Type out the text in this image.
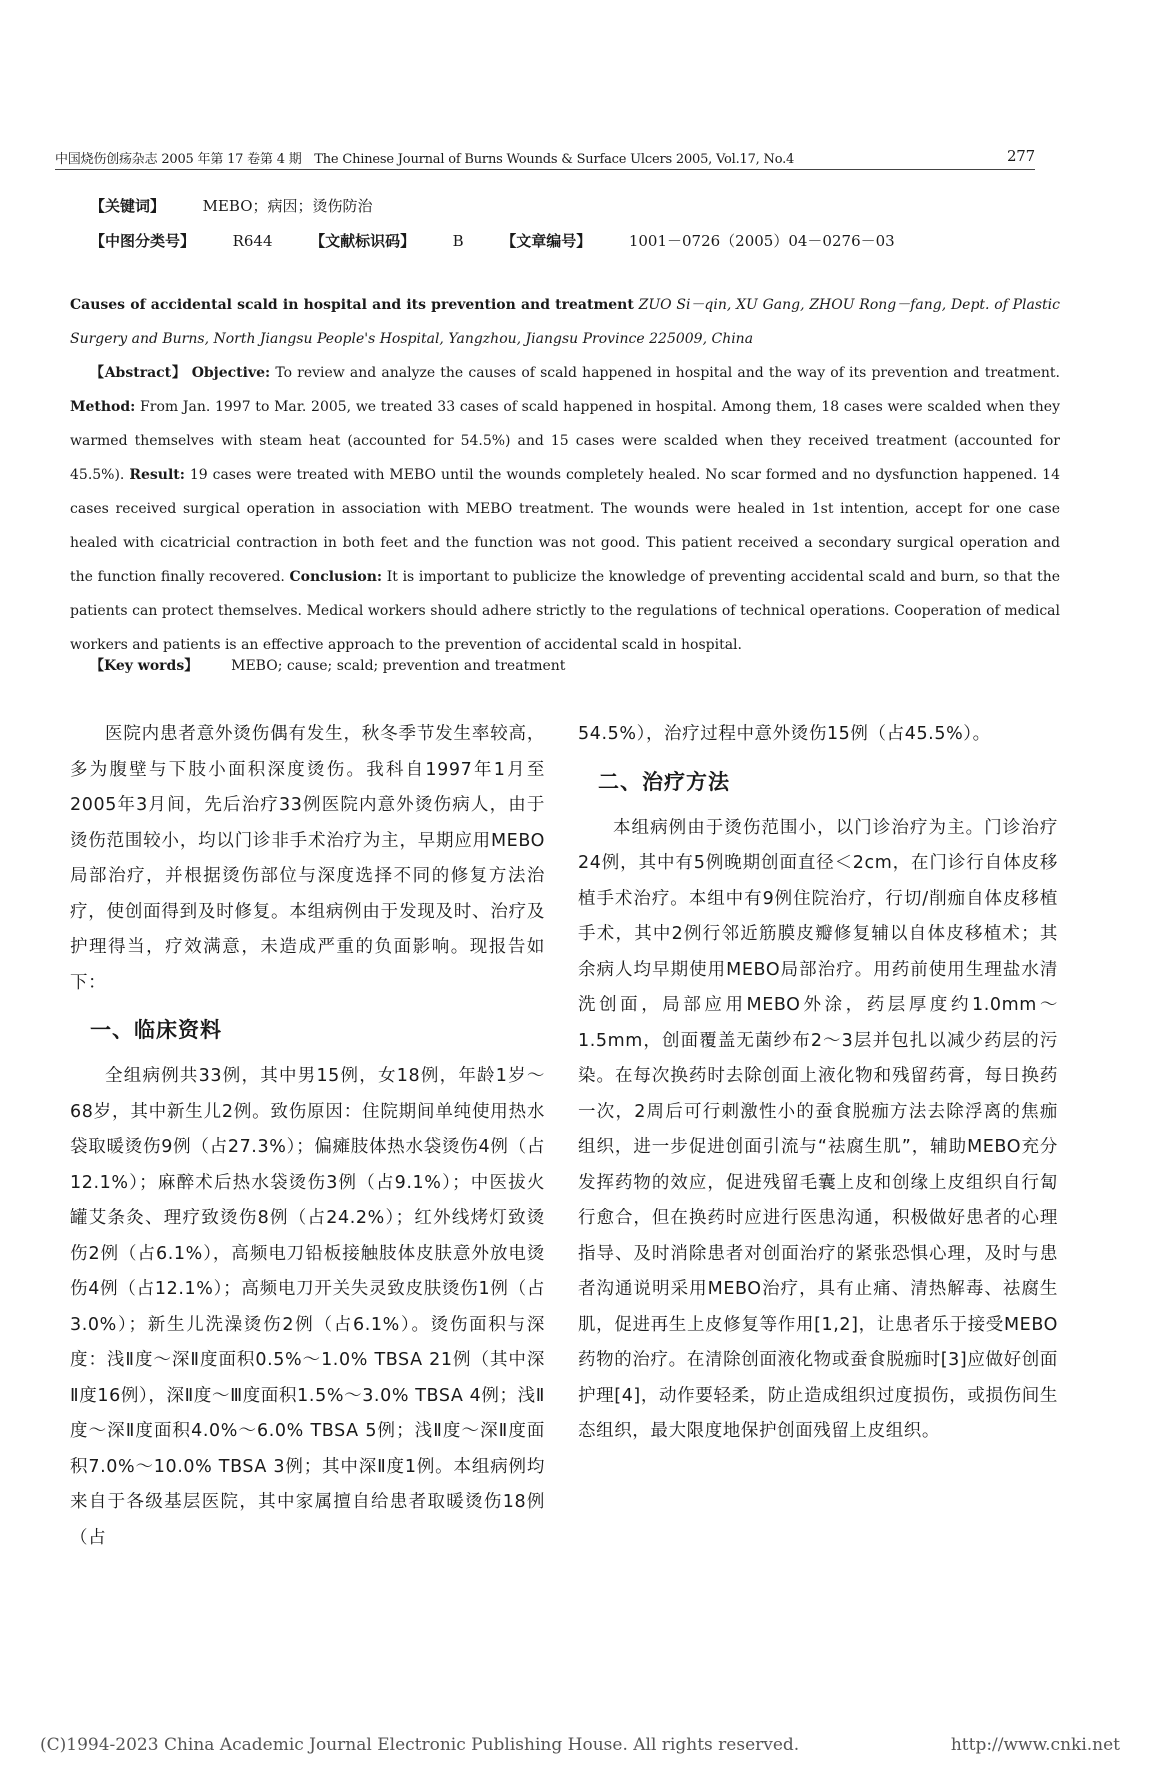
中国烧伤创疡杂志 2005 年第 17 卷第 4 期　The Chinese Journal of Burns Wounds & Surface Ulcers 2005, Vol.17, No.4	277
【关键词】	MEBO；病因；烫伤防治
【中图分类号】	R644	【文献标识码】	B	【文章编号】	1001－0726（2005）04－0276－03
Causes of accidental scald in hospital and its prevention and treatment ZUO Si－qin, XU Gang, ZHOU Rong－fang, Dept. of Plastic Surgery and Burns, North Jiangsu People's Hospital, Yangzhou, Jiangsu Province 225009, China
【Abstract】 Objective: To review and analyze the causes of scald happened in hospital and the way of its prevention and treatment. Method: From Jan. 1997 to Mar. 2005, we treated 33 cases of scald happened in hospital. Among them, 18 cases were scalded when they warmed themselves with steam heat (accounted for 54.5%) and 15 cases were scalded when they received treatment (accounted for 45.5%). Result: 19 cases were treated with MEBO until the wounds completely healed. No scar formed and no dysfunction happened. 14 cases received surgical operation in association with MEBO treatment. The wounds were healed in 1st intention, accept for one case healed with cicatricial contraction in both feet and the function was not good. This patient received a secondary surgical operation and the function finally recovered. Conclusion: It is important to publicize the knowledge of preventing accidental scald and burn, so that the patients can protect themselves. Medical workers should adhere strictly to the regulations of technical operations. Cooperation of medical workers and patients is an effective approach to the prevention of accidental scald in hospital.
【Key words】 MEBO; cause; scald; prevention and treatment

医院内患者意外烫伤偶有发生，秋冬季节发生率较高，多为腹壁与下肢小面积深度烫伤。我科自1997年1月至2005年3月间，先后治疗33例医院内意外烫伤病人，由于烫伤范围较小，均以门诊非手术治疗为主，早期应用MEBO局部治疗，并根据烫伤部位与深度选择不同的修复方法治疗，使创面得到及时修复。本组病例由于发现及时、治疗及护理得当，疗效满意，未造成严重的负面影响。现报告如下：

一、临床资料

全组病例共33例，其中男15例，女18例，年龄1岁～68岁，其中新生儿2例。致伤原因：住院期间单纯使用热水袋取暖烫伤9例（占27.3%）；偏瘫肢体热水袋烫伤4例（占12.1%）；麻醉术后热水袋烫伤3例（占9.1%）；中医拔火罐艾条灸、理疗致烫伤8例（占24.2%）；红外线烤灯致烫伤2例（占6.1%），高频电刀铅板接触肢体皮肤意外放电烫伤4例（占12.1%）；高频电刀开关失灵致皮肤烫伤1例（占3.0%）；新生儿洗澡烫伤2例（占6.1%）。烫伤面积与深度：浅Ⅱ度～深Ⅱ度面积0.5%～1.0% TBSA 21例（其中深Ⅱ度16例），深Ⅱ度～Ⅲ度面积1.5%～3.0% TBSA 4例；浅Ⅱ度～深Ⅱ度面积4.0%～6.0% TBSA 5例；浅Ⅱ度～深Ⅱ度面积7.0%～10.0% TBSA 3例；其中深Ⅱ度1例。本组病例均来自于各级基层医院，其中家属擅自给患者取暖烫伤18例（占

54.5%），治疗过程中意外烫伤15例（占45.5%）。

二、治疗方法

本组病例由于烫伤范围小，以门诊治疗为主。门诊治疗24例，其中有5例晚期创面直径＜2cm，在门诊行自体皮移植手术治疗。本组中有9例住院治疗，行切/削痂自体皮移植手术，其中2例行邻近筋膜皮瓣修复辅以自体皮移植术；其余病人均早期使用MEBO局部治疗。用药前使用生理盐水清洗创面，局部应用MEBO外涂，药层厚度约1.0mm～1.5mm，创面覆盖无菌纱布2～3层并包扎以减少药层的污染。在每次换药时去除创面上液化物和残留药膏，每日换药一次，2周后可行刺激性小的蚕食脱痂方法去除浮离的焦痂组织，进一步促进创面引流与“祛腐生肌”，辅助MEBO充分发挥药物的效应，促进残留毛囊上皮和创缘上皮组织自行匐行愈合，但在换药时应进行医患沟通，积极做好患者的心理指导、及时消除患者对创面治疗的紧张恐惧心理，及时与患者沟通说明采用MEBO治疗，具有止痛、清热解毒、祛腐生肌，促进再生上皮修复等作用[1,2]，让患者乐于接受MEBO药物的治疗。在清除创面液化物或蚕食脱痂时[3]应做好创面护理[4]，动作要轻柔，防止造成组织过度损伤，或损伤间生态组织，最大限度地保护创面残留上皮组织。

(C)1994-2023 China Academic Journal Electronic Publishing House. All rights reserved.	http://www.cnki.net
